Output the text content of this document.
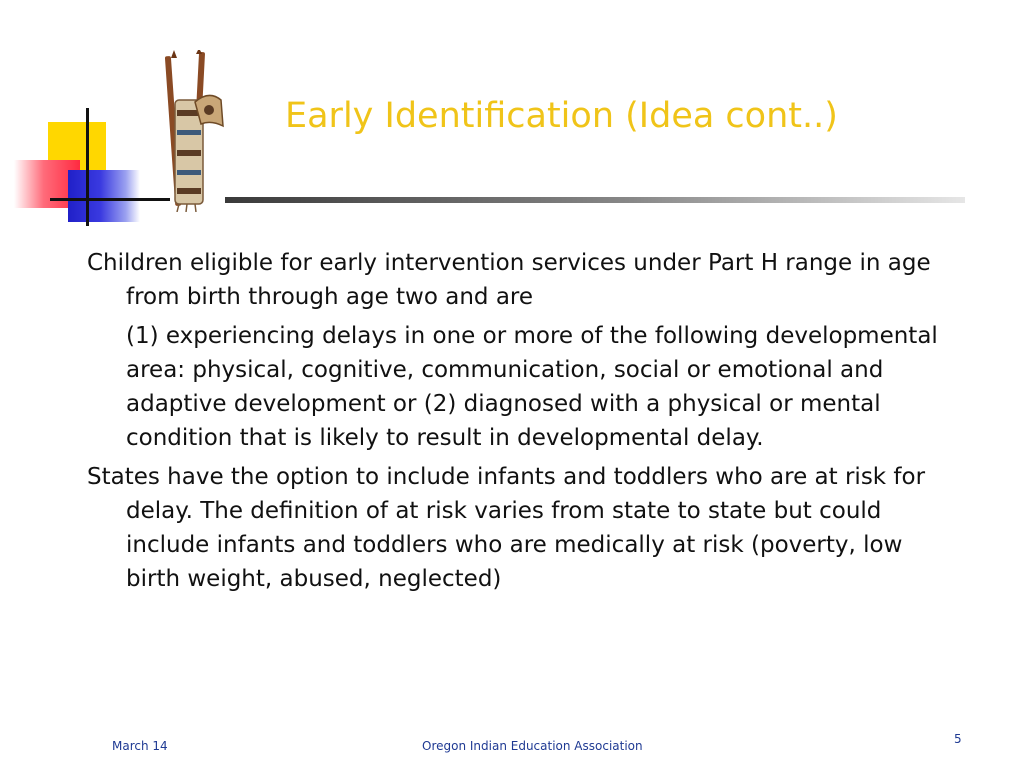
Early Identification (Idea cont..)

Children eligible for early intervention services under Part H range in age from birth through age two and are

(1) experiencing delays in one or more of the following developmental area: physical, cognitive, communication, social or emotional and adaptive development or (2) diagnosed with a physical or mental condition that is likely to result in developmental delay.

States have the option to include infants and toddlers who are at risk for delay. The definition of at risk varies from state to state but could include infants and toddlers who are medically at risk (poverty, low birth weight, abused, neglected)

March 14	Oregon Indian Education Association	5
